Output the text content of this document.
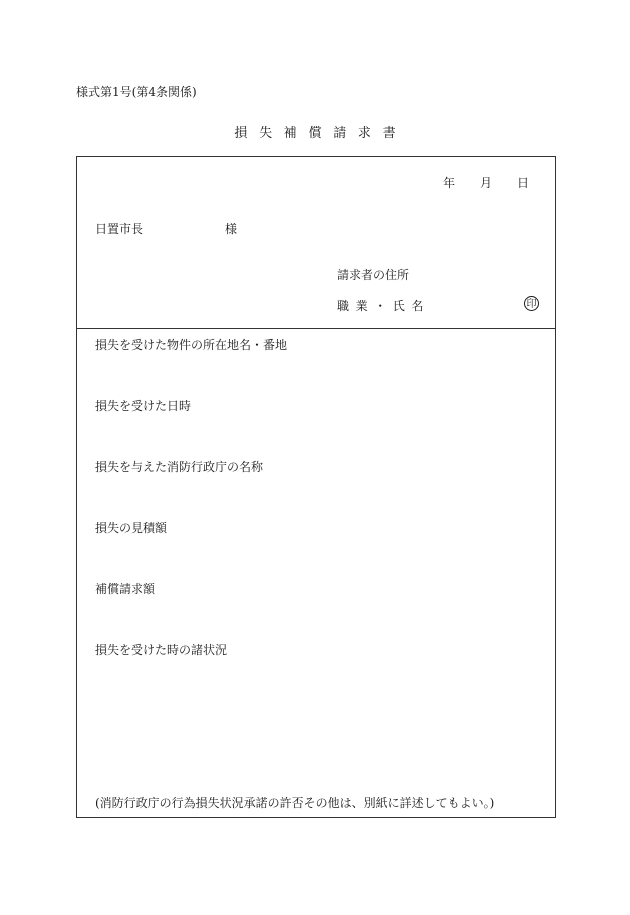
様式第1号(第4条関係)
損失補償請求書
年 月 日
日置市長	様
請求者の住所
職業・氏名	印
損失を受けた物件の所在地名・番地
損失を受けた日時
損失を与えた消防行政庁の名称
損失の見積額
補償請求額
損失を受けた時の諸状況
(消防行政庁の行為損失状況承諾の許否その他は、別紙に詳述してもよい。)
